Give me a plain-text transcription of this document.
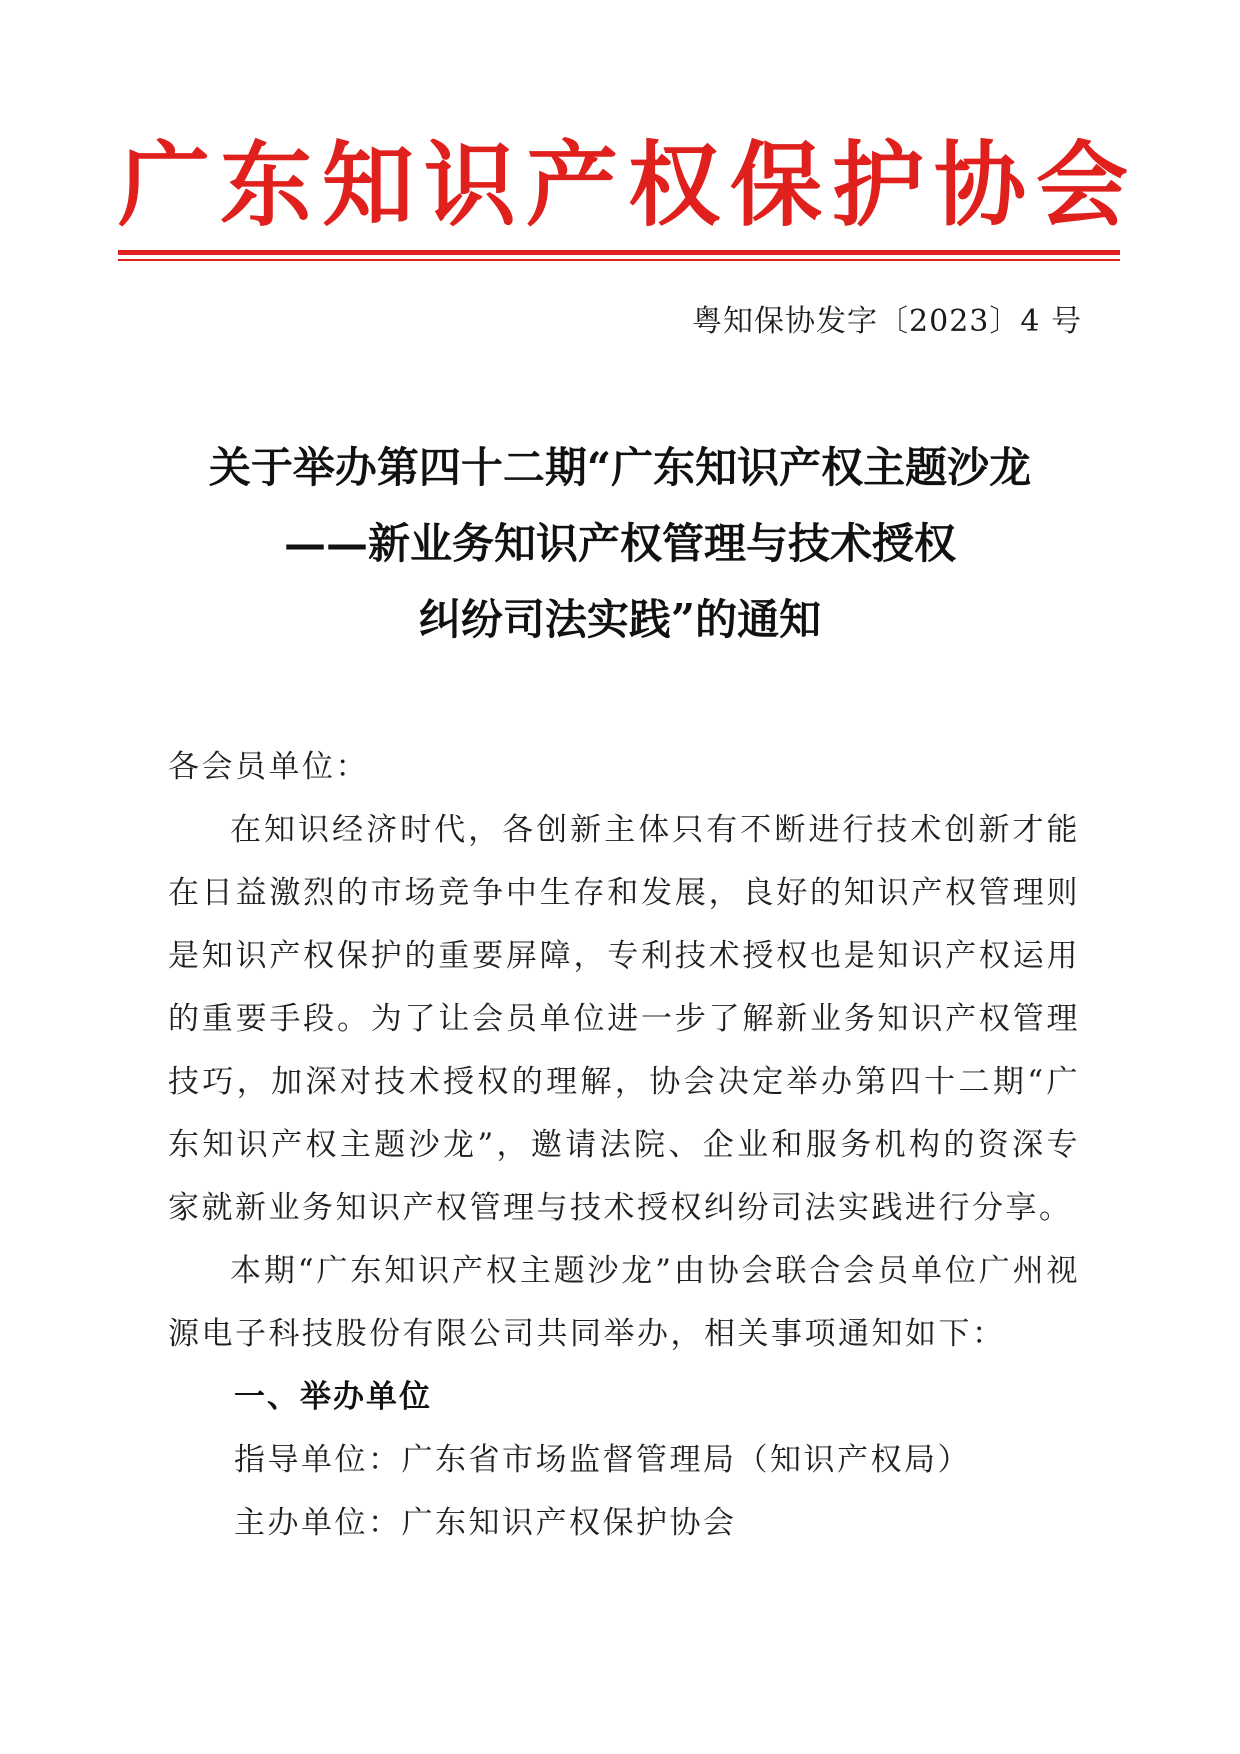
广东知识产权保护协会
粤知保协发字〔2023〕4 号
关于举办第四十二期“广东知识产权主题沙龙
——新业务知识产权管理与技术授权
纠纷司法实践”的通知

各会员单位：

在知识经济时代，各创新主体只有不断进行技术创新才能在日益激烈的市场竞争中生存和发展，良好的知识产权管理则是知识产权保护的重要屏障，专利技术授权也是知识产权运用的重要手段。为了让会员单位进一步了解新业务知识产权管理技巧，加深对技术授权的理解，协会决定举办第四十二期“广东知识产权主题沙龙”，邀请法院、企业和服务机构的资深专家就新业务知识产权管理与技术授权纠纷司法实践进行分享。

本期“广东知识产权主题沙龙”由协会联合会员单位广州视源电子科技股份有限公司共同举办，相关事项通知如下：

一、举办单位

指导单位：广东省市场监督管理局（知识产权局）

主办单位：广东知识产权保护协会
